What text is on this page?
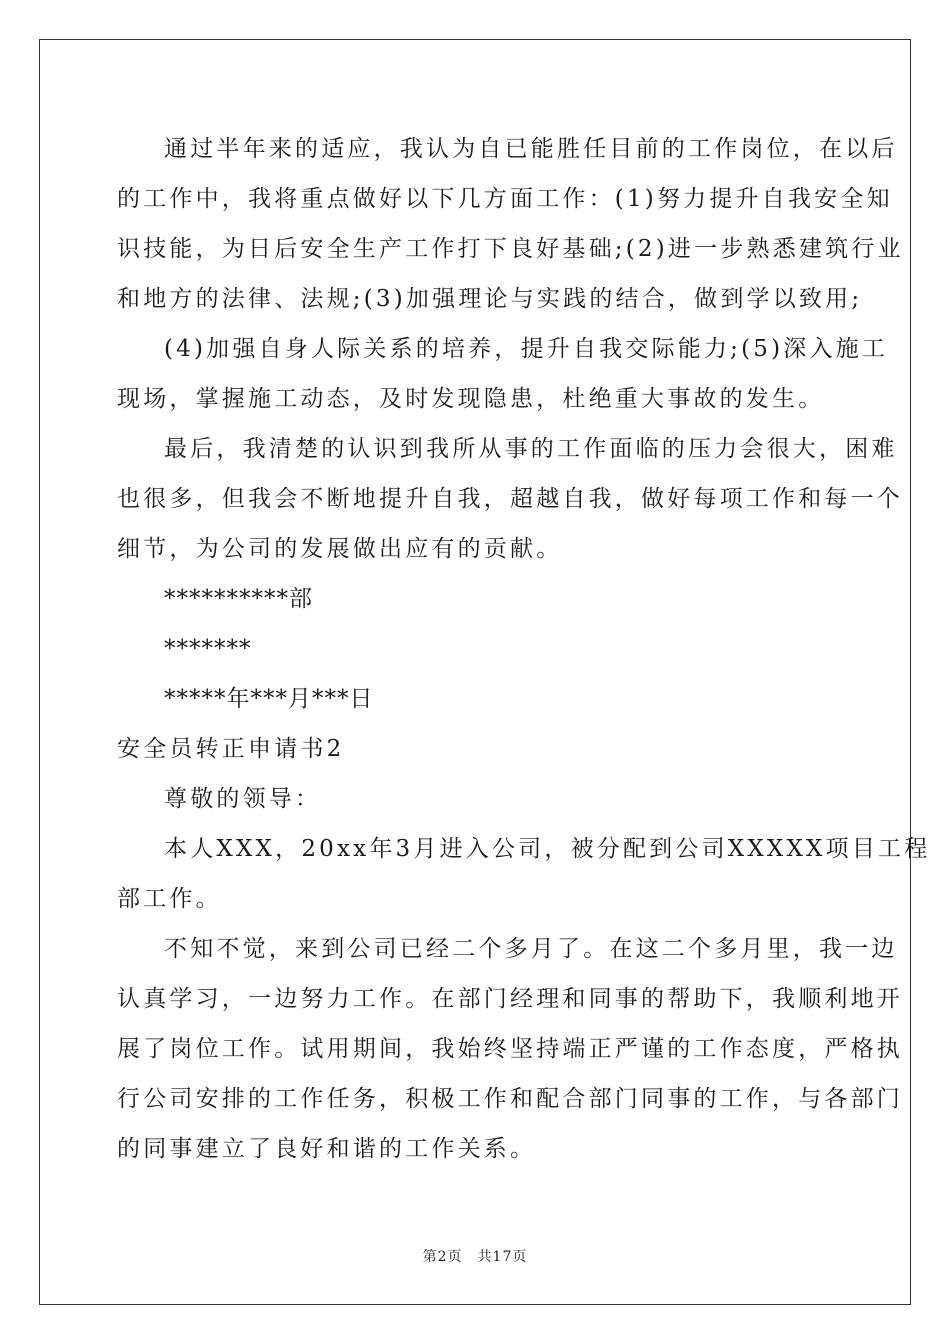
通过半年来的适应，我认为自已能胜任目前的工作岗位，在以后
的工作中，我将重点做好以下几方面工作：(1)努力提升自我安全知
识技能，为日后安全生产工作打下良好基础;(2)进一步熟悉建筑行业
和地方的法律、法规;(3)加强理论与实践的结合，做到学以致用;
(4)加强自身人际关系的培养，提升自我交际能力;(5)深入施工
现场，掌握施工动态，及时发现隐患，杜绝重大事故的发生。
最后，我清楚的认识到我所从事的工作面临的压力会很大，困难
也很多，但我会不断地提升自我，超越自我，做好每项工作和每一个
细节，为公司的发展做出应有的贡献。
**********部
*******
*****年***月***日
安全员转正申请书2
尊敬的领导：
本人XXX，20xx年3月进入公司，被分配到公司XXXXX项目工程
部工作。
不知不觉，来到公司已经二个多月了。在这二个多月里，我一边
认真学习，一边努力工作。在部门经理和同事的帮助下，我顺利地开
展了岗位工作。试用期间，我始终坚持端正严谨的工作态度，严格执
行公司安排的工作任务，积极工作和配合部门同事的工作，与各部门
的同事建立了良好和谐的工作关系。
第2页　共17页
